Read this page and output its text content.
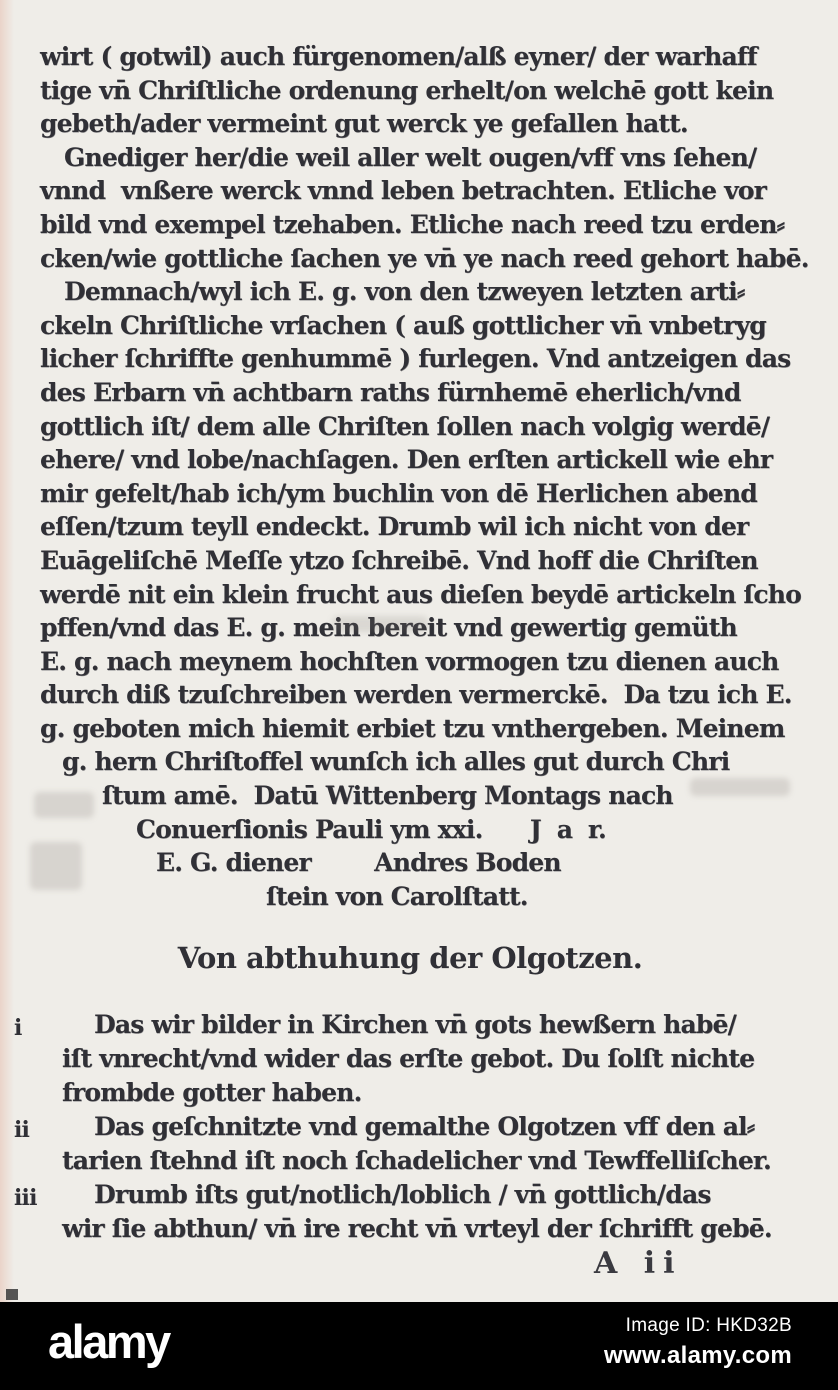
wirt ( gotwil) auch fürgenomen/alß eyner/ der warhaff
tige vn̄ Chriſtliche ordenung erhelt/on welchē gott kein
gebeth/ader vermeint gut werck ye gefallen hatt.
Gnediger her/die weil aller welt ougen/vff vns ſehen/
vnnd  vnßere werck vnnd leben betrachten. Etliche vor
bild vnd exempel tzehaben. Etliche nach reed tzu erden⸗
cken/wie gottliche ſachen ye vn̄ ye nach reed gehort habē.
Demnach/wyl ich E. g. von den tzweyen letzten arti⸗
ckeln Chriſtliche vrſachen ( auß gottlicher vn̄ vnbetryg
licher ſchriffte genhummē ) furlegen. Vnd antzeigen das
des Erbarn vn̄ achtbarn raths fürnhemē eherlich/vnd
gottlich iſt/ dem alle Chriſten ſollen nach volgig werdē/
ehere/ vnd lobe/nachſagen. Den erſten artickell wie ehr
mir gefelt/hab ich/ym buchlin von dē Herlichen abend
eſſen/tzum teyll endeckt. Drumb wil ich nicht von der
Euāgeliſchē Meſſe ytzo ſchreibē. Vnd hoff die Chriſten
werdē nit ein klein frucht aus dieſen beydē artickeln ſcho
pffen/vnd das E. g. mein bereit vnd gewertig gemüth
E. g. nach meynem hochſten vormogen tzu dienen auch
durch diß tzuſchreiben werden vermerckē.  Da tzu ich E.
g. geboten mich hiemit erbiet tzu vnthergeben. Meinem
g. hern Chriſtoffel wunſch ich alles gut durch Chri
ſtum amē.  Datū Wittenberg Montags nach
Conuerſionis Pauli ym xxi.      J  a  r.
E. G. diener        Andres Boden
ſtein von Carolſtatt.
Von abthuhung der Olgotzen.
i	Das wir bilder in Kirchen vn̄ gots hewßern habē/
iſt vnrecht/vnd wider das erſte gebot. Du ſolſt nichte
frombde gotter haben.
ii	Das geſchnitzte vnd gemalthe Olgotzen vff den al⸗
tarien ſtehnd iſt noch ſchadelicher vnd Tewffelliſcher.
iii	Drumb iſts gut/notlich/loblich / vn̄ gottlich/das
wir ſie abthun/ vn̄ ire recht vn̄ vrteyl der ſchrifft gebē.
A ii
alamy	Image ID: HKD32B
www.alamy.com
